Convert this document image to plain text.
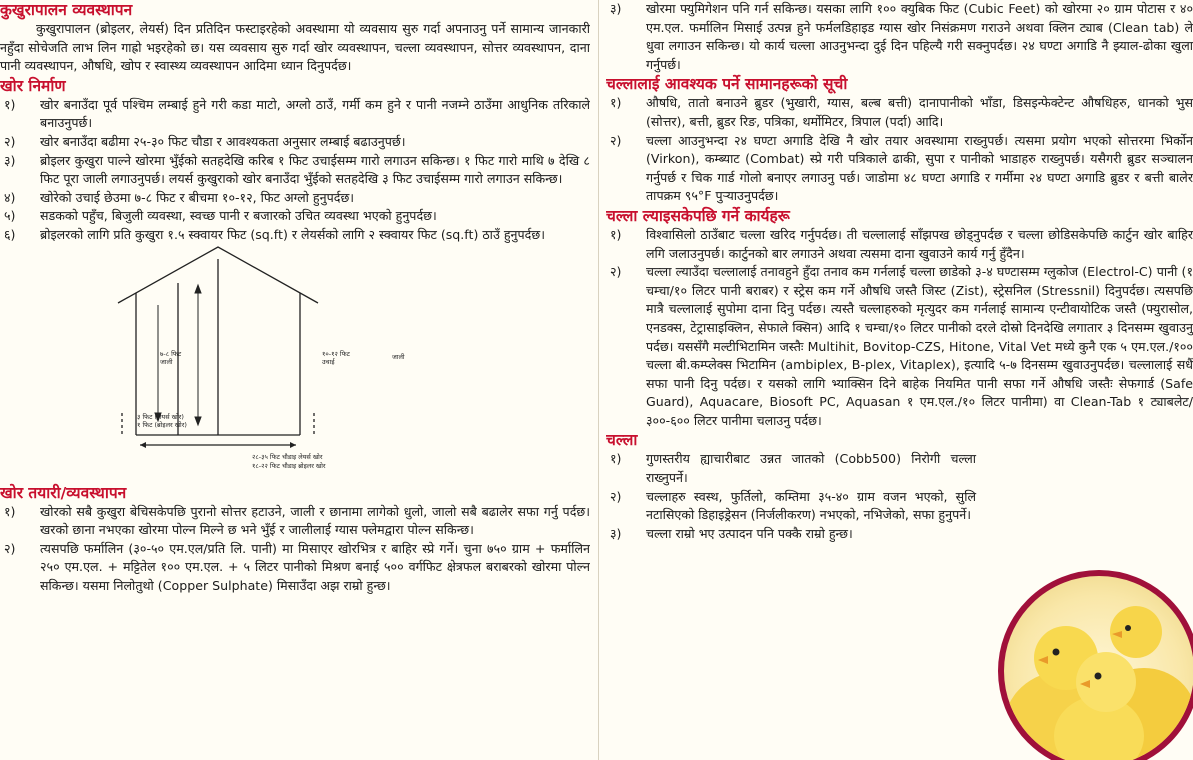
कुखुरापालन व्यवस्थापन

कुखुरापालन (ब्रोइलर, लेयर्स) दिन प्रतिदिन फस्टाइरहेको अवस्थामा यो व्यवसाय सुरु गर्दा अपनाउनु पर्ने सामान्य जानकारी नहुँदा सोचेजति लाभ लिन गाह्रो भइरहेको छ। यस व्यवसाय सुरु गर्दा खोर व्यवस्थापन, चल्ला व्यवस्थापन, सोत्तर व्यवस्थापन, दाना पानी व्यवस्थापन, औषधि, खोप र स्वास्थ्य व्यवस्थापन आदिमा ध्यान दिनुपर्दछ।

खोर निर्माण
१) खोर बनाउँदा पूर्व पश्चिम लम्बाई हुने गरी कडा माटो, अग्लो ठाउँ, गर्मी कम हुने र पानी नजम्ने ठाउँमा आधुनिक तरिकाले बनाउनुपर्छ।
२) खोर बनाउँदा बढीमा २५-३० फिट चौडा र आवश्यकता अनुसार लम्बाई बढाउनुपर्छ।
३) ब्रोइलर कुखुरा पाल्ने खोरमा भुँईको सतहदेखि करिब १ फिट उचाईसम्म गारो लगाउन सकिन्छ। १ फिट गारो माथि ७ देखि ८ फिट पूरा जाली लगाउनुपर्छ। लयर्स कुखुराको खोर बनाउँदा भुँईको सतहदेखि ३ फिट उचाईसम्म गारो लगाउन सकिन्छ।
४) खोरेको उचाई छेउमा ७-८ फिट र बीचमा १०-१२, फिट अग्लो हुनुपर्दछ।
५) सडकको पहुँच, बिजुली व्यवस्था, स्वच्छ पानी र बजारको उचित व्यवस्था भएको हुनुपर्दछ।
६) ब्रोइलरको लागि प्रति कुखुरा १.५ स्क्वायर फिट (sq.ft) र लेयर्सको लागि २ स्क्वायर फिट (sq.ft) ठाउँ हुनुपर्दछ।
७-८ फिट
जाली
१०-१२ फिट
उचाई
जाली
३ फिट (लेयर्स खोर)
१ फिट (ब्रोइलर खोर)
२८-३५ फिट चौडाइ लेयर्स खोर
१८-२२ फिट चौडाइ ब्रोइलर खोर
खोर तयारी/व्यवस्थापन
१) खोरको सबै कुखुरा बेचिसकेपछि पुरानो सोत्तर हटाउने, जाली र छानामा लागेको धुलो, जालो सबै बढालेर सफा गर्नु पर्दछ। खरको छाना नभएका खोरमा पोल्न मिल्ने छ भने भुँई र जालीलाई ग्यास फ्लेमद्वारा पोल्न सकिन्छ।
२) त्यसपछि फर्मालिन (३०-५० एम.एल/प्रति लि. पानी) मा मिसाएर खोरभित्र र बाहिर स्प्रे गर्ने। चुना ७५० ग्राम + फर्मालिन २५० एम.एल. + मट्टितेल १०० एम.एल. + ५ लिटर पानीको मिश्रण बनाई ५०० वर्गफिट क्षेत्रफल बराबरको खोरमा पोल्न सकिन्छ। यसमा निलोतुथो (Copper Sulphate) मिसाउँदा अझ राम्रो हुन्छ।
३) खोरमा फ्युमिगेशन पनि गर्न सकिन्छ। यसका लागि १०० क्युबिक फिट (Cubic Feet) को खोरमा २० ग्राम पोटास र ४० एम.एल. फर्मालिन मिसाई उत्पन्न हुने फर्मलडिहाइड ग्यास खोर निसंक्रमण गराउने अथवा क्लिन ट्याब (Clean tab) ले धुवा लगाउन सकिन्छ। यो कार्य चल्ला आउनुभन्दा दुई दिन पहिल्यै गरी सक्नुपर्दछ। २४ घण्टा अगाडि नै झ्याल-ढोका खुला गर्नुपर्छ।
चल्लालाई आवश्यक पर्ने सामानहरूको सूची
१) औषधि, तातो बनाउने ब्रुडर (भुखारी, ग्यास, बल्ब बत्ती) दानापानीको भाँडा, डिसइन्फेक्टेन्ट औषधिहरु, धानको भुस (सोत्तर), बत्ती, ब्रुडर रिङ, पत्रिका, थर्मोमिटर, त्रिपाल (पर्दा) आदि।
२) चल्ला आउनुभन्दा २४ घण्टा अगाडि देखि नै खोर तयार अवस्थामा राख्नुपर्छ। त्यसमा प्रयोग भएको सोत्तरमा भिर्कोन (Virkon), कम्ब्याट (Combat) स्प्रे गरी पत्रिकाले ढाकी, सुपा र पानीको भाडाहरु राख्नुपर्छ। यसैगरी ब्रुडर सञ्चालन गर्नुपर्छ र चिक गार्ड गोलो बनाएर लगाउनु पर्छ। जाडोमा ४८ घण्टा अगाडि र गर्मीमा २४ घण्टा अगाडि ब्रुडर र बत्ती बालेर तापक्रम ९५°F पुऱ्याउनुपर्दछ।
चल्ला ल्याइसकेपछि गर्ने कार्यहरू
१) विश्वासिलो ठाउँबाट चल्ला खरिद गर्नुपर्दछ। ती चल्लालाई साँझपख छोड्नुपर्दछ र चल्ला छोडिसकेपछि कार्टुन खोर बाहिर लगि जलाउनुपर्छ। कार्टुनको बार लगाउने अथवा त्यसमा दाना खुवाउने कार्य गर्नु हुँदैन।
२) चल्ला ल्याउँदा चल्लालाई तनावहुने हुँदा तनाव कम गर्नलाई चल्ला छाडेको ३-४ घण्टासम्म ग्लुकोज (Electrol-C) पानी (१ चम्चा/१० लिटर पानी बराबर) र स्ट्रेस कम गर्ने औषधि जस्तै जिस्ट (Zist), स्ट्रेसनिल (Stressnil) दिनुपर्दछ। त्यसपछि मात्रै चल्लालाई सुपोमा दाना दिनु पर्दछ। त्यस्तै चल्लाहरुको मृत्युदर कम गर्नलाई सामान्य एन्टीवायोटिक जस्तै (फ्युरासोल, एनडक्स, टेट्रासाइक्लिन, सेफाले क्सिन) आदि १ चम्चा/१० लिटर पानीको दरले दोस्रो दिनदेखि लगातार ३ दिनसम्म खुवाउनु पर्दछ। यससँगै मल्टीभिटामिन जस्तैः Multihit, Bovitop-CZS, Hitone, Vital Vet मध्ये कुनै एक ५ एम.एल./१०० चल्ला बी.कम्प्लेक्स भिटामिन (ambiplex, B-plex, Vitaplex), इत्यादि ५-७ दिनसम्म खुवाउनुपर्दछ। चल्लालाई सधैं सफा पानी दिनु पर्दछ। र यसको लागि भ्याक्सिन दिने बाहेक नियमित पानी सफा गर्ने औषधि जस्तैः सेफगार्ड (Safe Guard), Aquacare, Biosoft PC, Aquasan १ एम.एल./१० लिटर पानीमा) वा Clean-Tab १ ट्याबलेट/३००-६०० लिटर पानीमा चलाउनु पर्दछ।
चल्ला
१) गुणस्तरीय ह्याचारीबाट उन्नत जातको (Cobb500) निरोगी चल्ला राख्नुपर्ने।
२) चल्लाहरु स्वस्थ, फुर्तिलो, कम्तिमा ३५-४० ग्राम वजन भएको, सुलि नटासिएको डिहाइड्रेसन (निर्जलीकरण) नभएको, नभिजेको, सफा हुनुपर्ने।
३) चल्ला राम्रो भए उत्पादन पनि पक्कै राम्रो हुन्छ।
